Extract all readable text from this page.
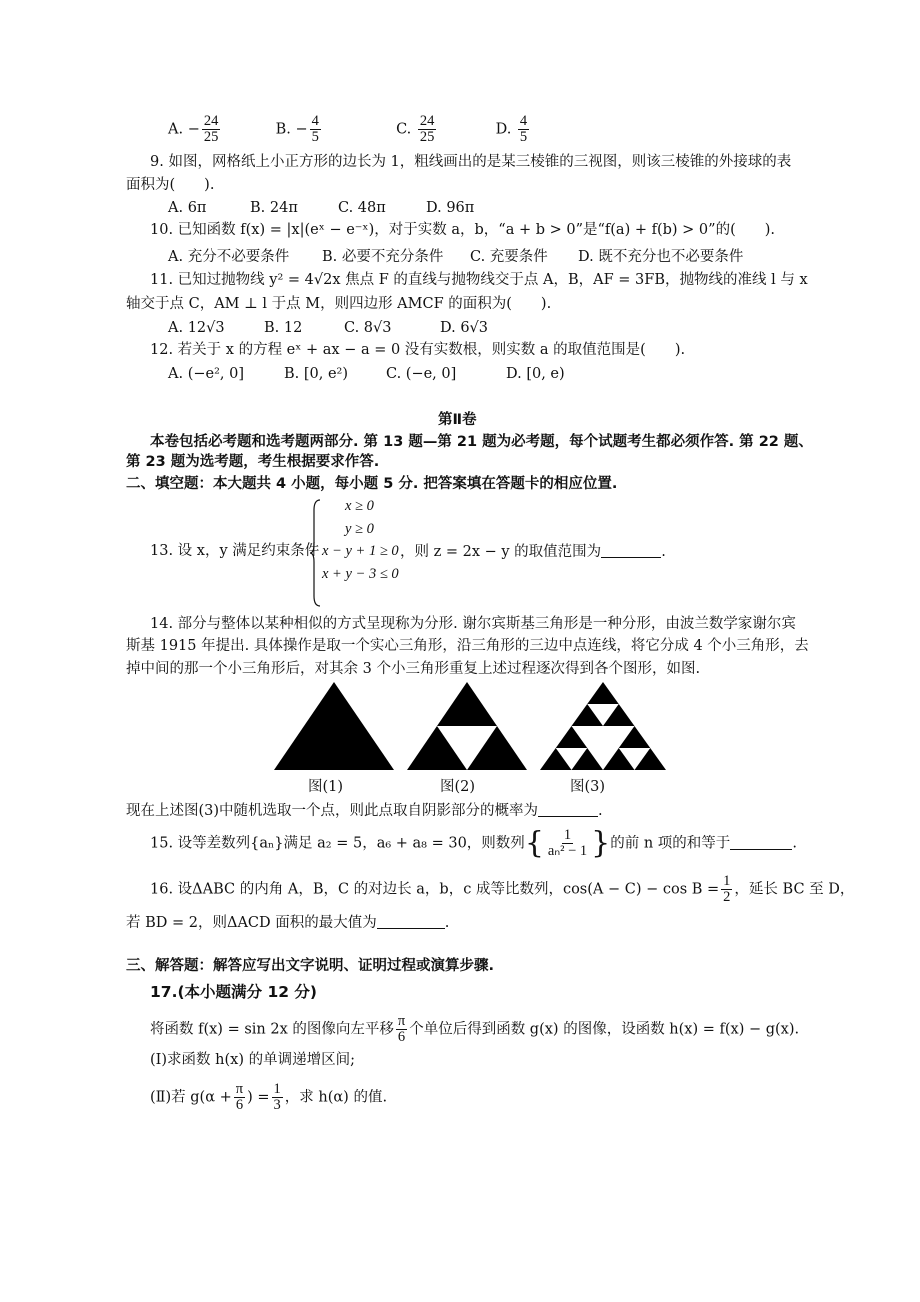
A. − $\frac{24}{25}$	B. − $\frac{4}{5}$	C. $\frac{24}{25}$	D. $\frac{4}{5}$
9. 如图，网格纸上小正方形的边长为 1，粗线画出的是某三棱锥的三视图，则该三棱锥的外接球的表
面积为(　　).
A. 6π	B. 24π	C. 48π	D. 96π
10. 已知函数 f(x) = |x|(eˣ − e⁻ˣ)，对于实数 a，b，“a + b > 0”是“f(a) + f(b) > 0”的(　　).
A. 充分不必要条件 B. 必要不充分条件 C. 充要条件 D. 既不充分也不必要条件
11. 已知过抛物线 y² = 4√2x 焦点 F 的直线与抛物线交于点 A，B，AF = 3FB，抛物线的准线 l 与 x
轴交于点 C，AM ⊥ l 于点 M，则四边形 AMCF 的面积为(　　).
A. 12√3	B. 12	C. 8√3	D. 6√3
12. 若关于 x 的方程 eˣ + ax − a = 0 没有实数根，则实数 a 的取值范围是(　　).
A. (−e², 0]	B. [0, e²)	C. (−e, 0]	D. [0, e)
第Ⅱ卷
本卷包括必考题和选考题两部分. 第 13 题—第 21 题为必考题，每个试题考生都必须作答. 第 22 题、
第 23 题为选考题，考生根据要求作答.
二、填空题：本大题共 4 小题，每小题 5 分. 把答案填在答题卡的相应位置.
13. 设 x，y 满足约束条件
x ≥ 0
y ≥ 0
x − y + 1 ≥ 0
x + y − 3 ≤ 0
，则 z = 2x − y 的取值范围为	.
14. 部分与整体以某种相似的方式呈现称为分形. 谢尔宾斯基三角形是一种分形，由波兰数学家谢尔宾
斯基 1915 年提出. 具体操作是取一个实心三角形，沿三角形的三边中点连线，将它分成 4 个小三角形，去
掉中间的那一个小三角形后，对其余 3 个小三角形重复上述过程逐次得到各个图形，如图.
图(1)	图(2)	图(3)
现在上述图(3)中随机选取一个点，则此点取自阴影部分的概率为	.
15. 设等差数列{aₙ}满足 a₂ = 5，a₆ + a₈ = 30，则数列{ $\frac{1}{\text{aₙ² − 1}}$ }的前 n 项的和等于	.
16. 设ΔABC 的内角 A，B，C 的对边长 a，b，c 成等比数列，$\cos(A - C) - \cos B = \frac{1}{2}$ ，延长 BC 至 D，
若 BD = 2，则ΔACD 面积的最大值为	.
三、解答题：解答应写出文字说明、证明过程或演算步骤.
17.(本小题满分 12 分)
将函数 f(x) = sin 2x 的图像向左平移 $\frac{\pi}{6}$ 个单位后得到函数 g(x) 的图像，设函数 h(x) = f(x) − g(x).
(Ⅰ)求函数 h(x) 的单调递增区间;
(Ⅱ)若 $g(\alpha + \frac{\pi}{6}$ ) = $\frac{1}{3}$ ，求 h(α) 的值.
